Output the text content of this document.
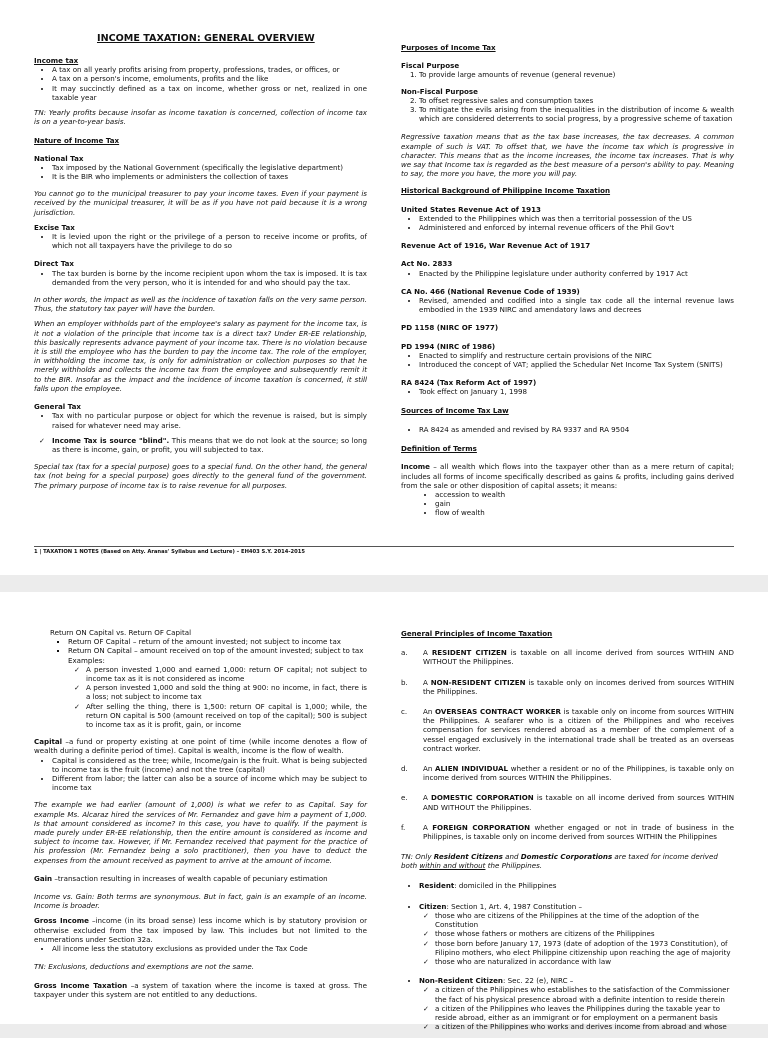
INCOME TAXATION: GENERAL OVERVIEW
Income tax
• A tax on all yearly profits arising from property, professions, trades, or offices, or
• A tax on a person's income, emoluments, profits and the like
• It may succinctly defined as a tax on income, whether gross or net, realized in one taxable year

TN: Yearly profits because insofar as income taxation is concerned, collection of income tax is on a year-to-year basis.

Nature of Income Tax
National Tax
• Tax imposed by the National Government (specifically the legislative department)
• It is the BIR who implements or administers the collection of taxes

You cannot go to the municipal treasurer to pay your income taxes. Even if your payment is received by the municipal treasurer, it will be as if you have not paid because it is a wrong jurisdiction.

Excise Tax
• It is levied upon the right or the privilege of a person to receive income or profits, of which not all taxpayers have the privilege to do so
Direct Tax
• The tax burden is borne by the income recipient upon whom the tax is imposed. It is tax demanded from the very person, who it is intended for and who should pay the tax.

In other words, the impact as well as the incidence of taxation falls on the very same person. Thus, the statutory tax payer will have the burden.

When an employer withholds part of the employee's salary as payment for the income tax, is it not a violation of the principle that income tax is a direct tax? Under ER-EE relationship, this basically represents advance payment of your income tax. There is no violation because it is still the employee who has the burden to pay the income tax. The role of the employer, in withholding the income tax, is only for administration or collection purposes so that he merely withholds and collects the income tax from the employee and subsequently remit it to the BIR. Insofar as the impact and the incidence of income taxation is concerned, it still falls upon the employee.

General Tax
• Tax with no particular purpose or object for which the revenue is raised, but is simply raised for whatever need may arise.
✓ Income Tax is source "blind". This means that we do not look at the source; so long as there is income, gain, or profit, you will subjected to tax.

Special tax (tax for a special purpose) goes to a special fund. On the other hand, the general tax (not being for a special purpose) goes directly to the general fund of the government. The primary purpose of income tax is to raise revenue for all purposes.

Purposes of Income Tax
Fiscal Purpose
1. To provide large amounts of revenue (general revenue)
Non-Fiscal Purpose
2. To offset regressive sales and consumption taxes
3. To mitigate the evils arising from the inequalities in the distribution of income & wealth which are considered deterrents to social progress, by a progressive scheme of taxation

Regressive taxation means that as the tax base increases, the tax decreases. A common example of such is VAT. To offset that, we have the income tax which is progressive in character. This means that as the income increases, the income tax increases. That is why we say that Income tax is regarded as the best measure of a person's ability to pay. Meaning to say, the more you have, the more you will pay.

Historical Background of Philippine Income Taxation
United States Revenue Act of 1913
• Extended to the Philippines which was then a territorial possession of the US
• Administered and enforced by internal revenue officers of the Phil Gov't
Revenue Act of 1916, War Revenue Act of 1917
Act No. 2833
• Enacted by the Philippine legislature under authority conferred by 1917 Act
CA No. 466 (National Revenue Code of 1939)
• Revised, amended and codified into a single tax code all the internal revenue laws embodied in the 1939 NIRC and amendatory laws and decrees
PD 1158 (NIRC OF 1977)
PD 1994 (NIRC of 1986)
• Enacted to simplify and restructure certain provisions of the NIRC
• Introduced the concept of VAT; applied the Schedular Net Income Tax System (SNITS)
RA 8424 (Tax Reform Act of 1997)
• Took effect on January 1, 1998
Sources of Income Tax Law
• RA 8424 as amended and revised by RA 9337 and RA 9504
Definition of Terms

Income – all wealth which flows into the taxpayer other than as a mere return of capital; includes all forms of income specifically described as gains & profits, including gains derived from the sale or other disposition of capital assets; it means:

• accession to wealth
• gain
• flow of wealth
1 | TAXATION 1 NOTES (Based on Atty. Aranas' Syllabus and Lecture) – EH403 S.Y. 2014-2015
Return ON Capital vs. Return OF Capital
▪ Return OF Capital – return of the amount invested; not subject to income tax
▪ Return ON Capital – amount received on top of the amount invested; subject to tax
Examples:
✓ A person invested 1,000 and earned 1,000: return OF capital; not subject to income tax as it is not considered as income
✓ A person invested 1,000 and sold the thing at 900: no income, in fact, there is a loss; not subject to income tax
✓ After selling the thing, there is 1,500: return OF capital is 1,000; while, the return ON capital is 500 (amount received on top of the capital); 500 is subject to income tax as it is profit, gain, or income

Capital –a fund or property existing at one point of time (while income denotes a flow of wealth during a definite period of time). Capital is wealth, income is the flow of wealth.

• Capital is considered as the tree; while, Income/gain is the fruit. What is being subjected to income tax is the fruit (income) and not the tree (capital)
• Different from labor; the latter can also be a source of income which may be subject to income tax

The example we had earlier (amount of 1,000) is what we refer to as Capital. Say for example Ms. Alcaraz hired the services of Mr. Fernandez and gave him a payment of 1,000. Is that amount considered as income? In this case, you have to qualify. If the payment is made purely under ER-EE relationship, then the entire amount is considered as income and subject to income tax. However, if Mr. Fernandez received that payment for the practice of his profession (Mr. Fernandez being a solo practitioner), then you have to deduct the expenses from the amount received as payment to arrive at the amount of income.

Gain –transaction resulting in increases of wealth capable of pecuniary estimation

Income vs. Gain: Both terms are synonymous. But in fact, gain is an example of an income. Income is broader.

Gross Income –income (in its broad sense) less income which is by statutory provision or otherwise excluded from the tax imposed by law. This includes but not limited to the enumerations under Section 32a.

• All income less the statutory exclusions as provided under the Tax Code

TN: Exclusions, deductions and exemptions are not the same.

Gross Income Taxation –a system of taxation where the income is taxed at gross. The taxpayer under this system are not entitled to any deductions.

General Principles of Income Taxation
a.	A RESIDENT CITIZEN is taxable on all income derived from sources WITHIN AND WITHOUT the Philippines.
b.	A NON-RESIDENT CITIZEN is taxable only on incomes derived from sources WITHIN the Philippines.
c.	An OVERSEAS CONTRACT WORKER is taxable only on income from sources WITHIN the Philippines. A seafarer who is a citizen of the Philippines and who receives compensation for services rendered abroad as a member of the complement of a vessel engaged exclusively in the international trade shall be treated as an overseas contract worker.
d.	An ALIEN INDIVIDUAL whether a resident or no of the Philippines, is taxable only on income derived from sources WITHIN the Philippines.
e.	A DOMESTIC CORPORATION is taxable on all income derived from sources WITHIN AND WITHOUT the Philippines.
f.	A FOREIGN CORPORATION whether engaged or not in trade of business in the Philippines, is taxable only on income derived from sources WITHIN the Philippines

TN: Only Resident Citizens and Domestic Corporations are taxed for income derived both within and without the Philippines.

• Resident: domiciled in the Philippines
• Citizen: Section 1, Art. 4, 1987 Constitution –
✓ those who are citizens of the Philippines at the time of the adoption of the Constitution
✓ those whose fathers or mothers are citizens of the Philippines
✓ those born before January 17, 1973 (date of adoption of the 1973 Constitution), of Filipino mothers, who elect Philippine citizenship upon reaching the age of majority
✓ those who are naturalized in accordance with law
• Non-Resident Citizen: Sec. 22 (e), NIRC –
✓ a citizen of the Philippines who establishes to the satisfaction of the Commissioner the fact of his physical presence abroad with a definite intention to reside therein
✓ a citizen of the Philippines who leaves the Philippines during the taxable year to reside abroad, either as an immigrant or for employment on a permanent basis
✓ a citizen of the Philippines who works and derives income from abroad and whose
